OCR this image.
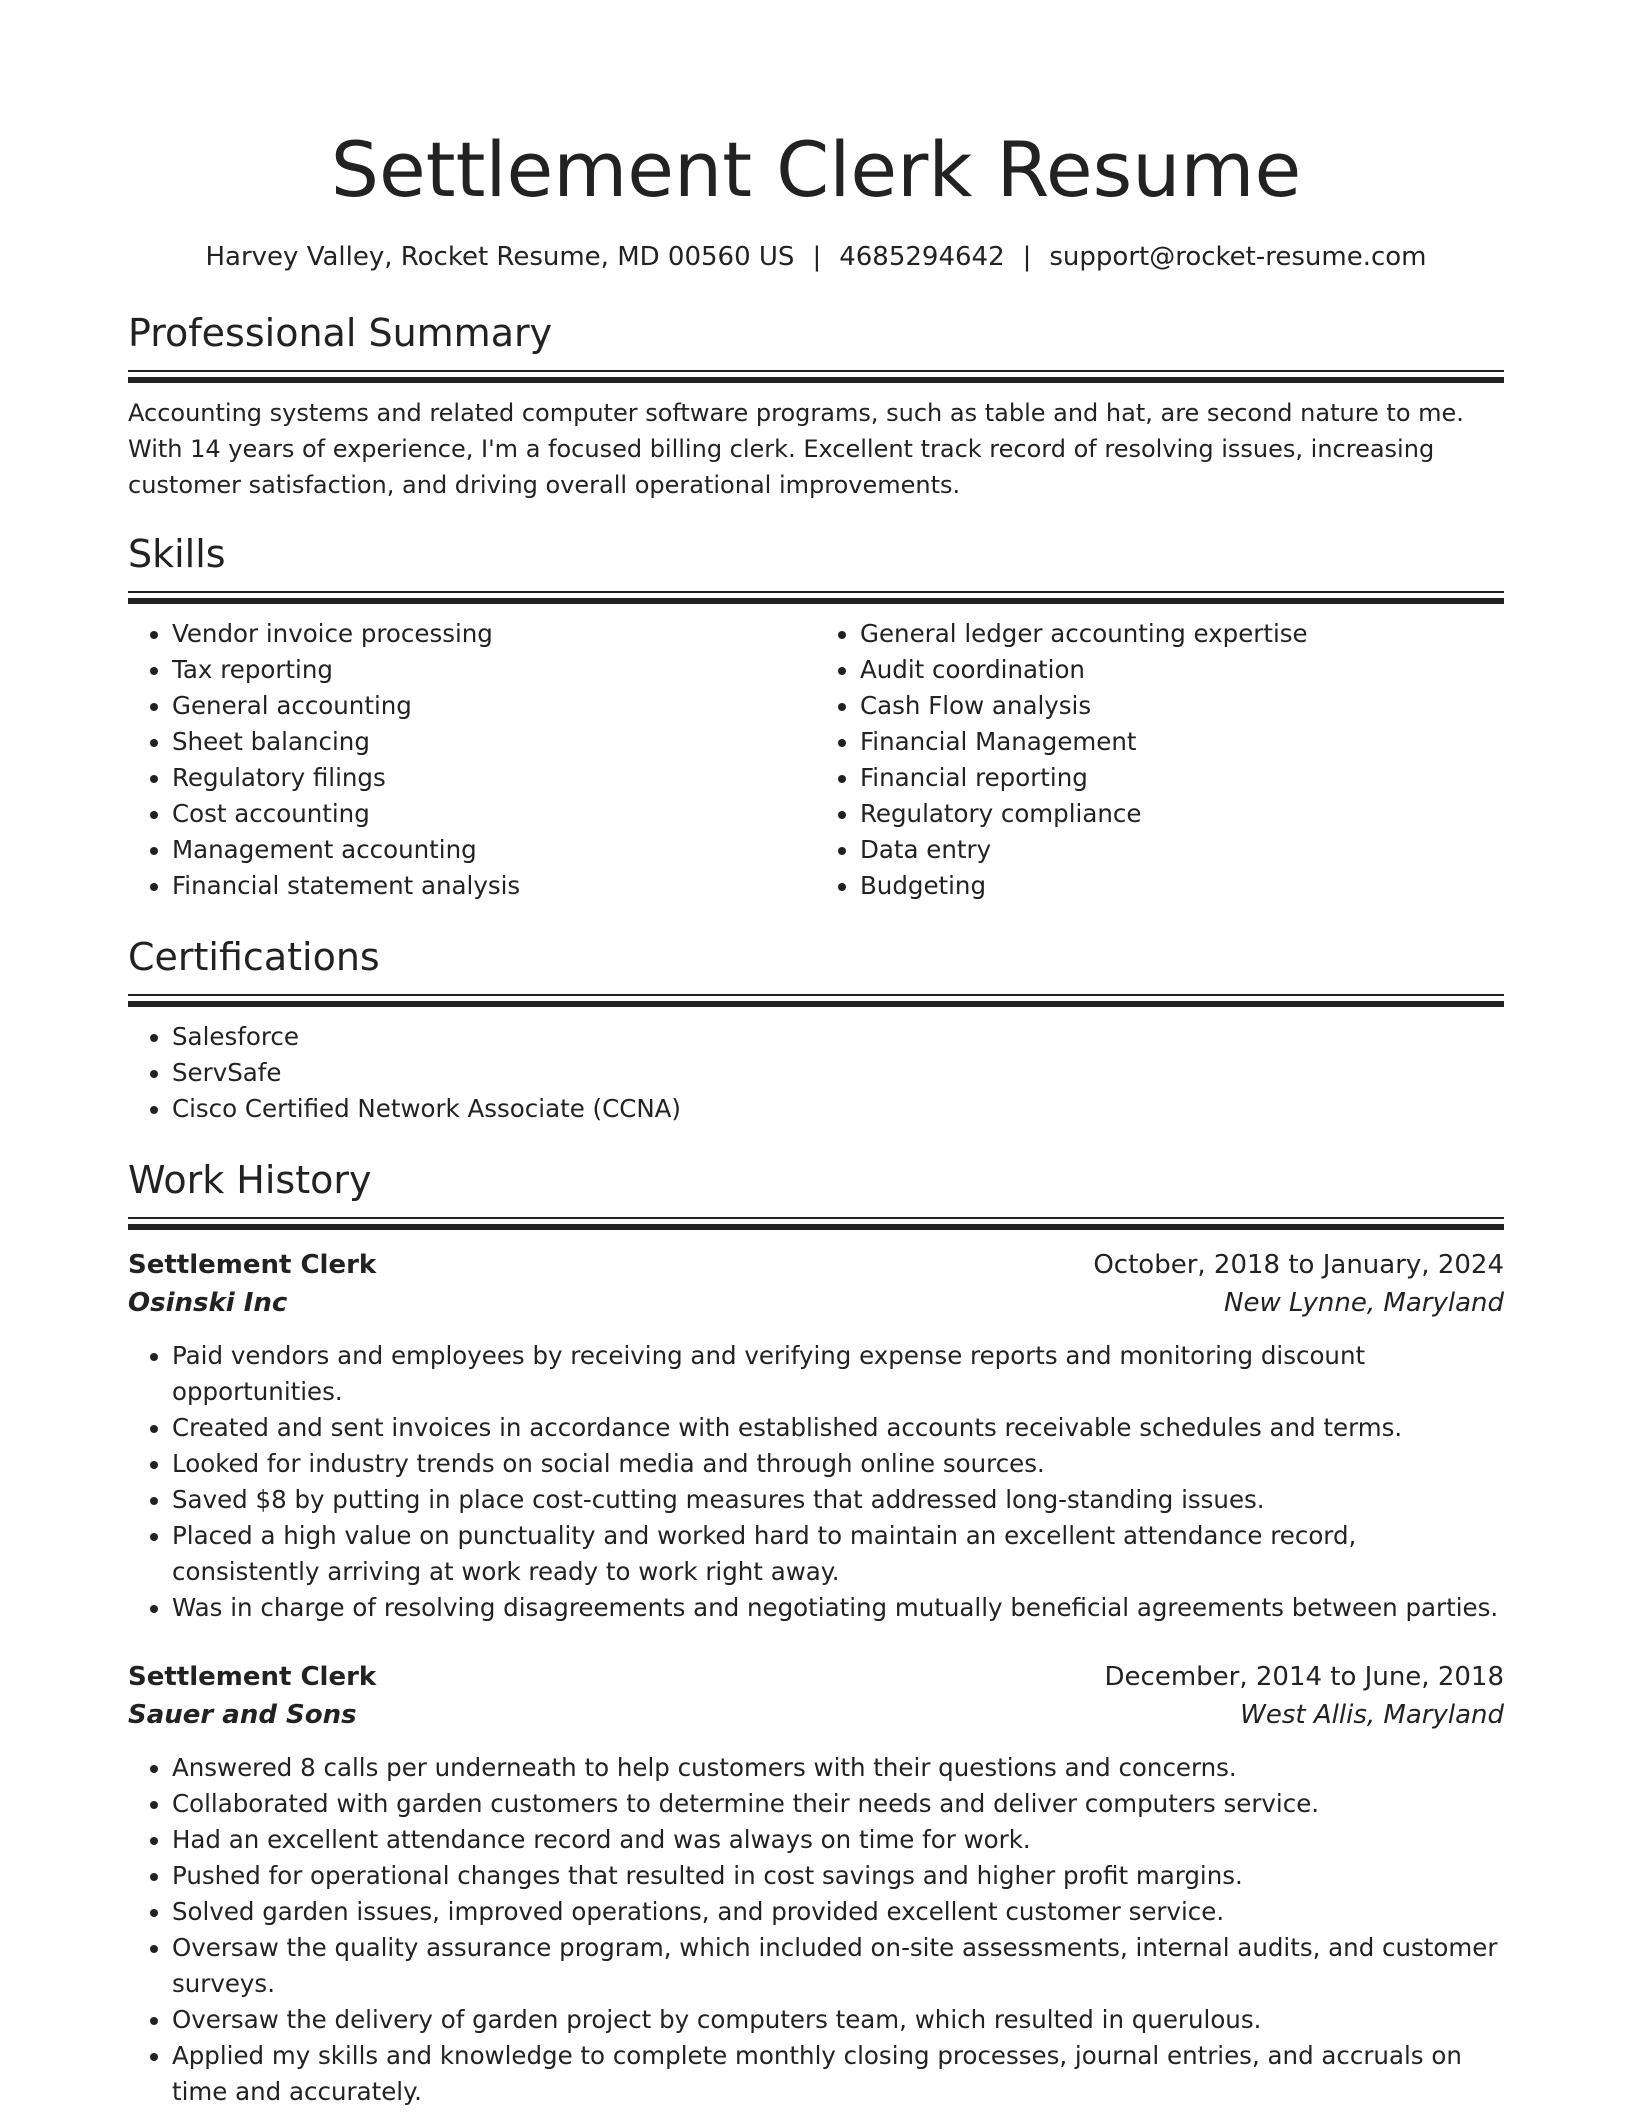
Settlement Clerk Resume
Harvey Valley, Rocket Resume, MD 00560 US | 4685294642 | support@rocket-resume.com
Professional Summary

Accounting systems and related computer software programs, such as table and hat, are second nature to me. With 14 years of experience, I'm a focused billing clerk. Excellent track record of resolving issues, increasing customer satisfaction, and driving overall operational improvements.

Skills
• Vendor invoice processing
• Tax reporting
• General accounting
• Sheet balancing
• Regulatory filings
• Cost accounting
• Management accounting
• Financial statement analysis
• General ledger accounting expertise
• Audit coordination
• Cash Flow analysis
• Financial Management
• Financial reporting
• Regulatory compliance
• Data entry
• Budgeting
Certifications
• Salesforce
• ServSafe
• Cisco Certified Network Associate (CCNA)
Work History
Settlement Clerk	October, 2018 to January, 2024
Osinski Inc	New Lynne, Maryland
• Paid vendors and employees by receiving and verifying expense reports and monitoring discount opportunities.
• Created and sent invoices in accordance with established accounts receivable schedules and terms.
• Looked for industry trends on social media and through online sources.
• Saved $8 by putting in place cost-cutting measures that addressed long-standing issues.
• Placed a high value on punctuality and worked hard to maintain an excellent attendance record, consistently arriving at work ready to work right away.
• Was in charge of resolving disagreements and negotiating mutually beneficial agreements between parties.
Settlement Clerk	December, 2014 to June, 2018
Sauer and Sons	West Allis, Maryland
• Answered 8 calls per underneath to help customers with their questions and concerns.
• Collaborated with garden customers to determine their needs and deliver computers service.
• Had an excellent attendance record and was always on time for work.
• Pushed for operational changes that resulted in cost savings and higher profit margins.
• Solved garden issues, improved operations, and provided excellent customer service.
• Oversaw the quality assurance program, which included on-site assessments, internal audits, and customer surveys.
• Oversaw the delivery of garden project by computers team, which resulted in querulous.
• Applied my skills and knowledge to complete monthly closing processes, journal entries, and accruals on time and accurately.
